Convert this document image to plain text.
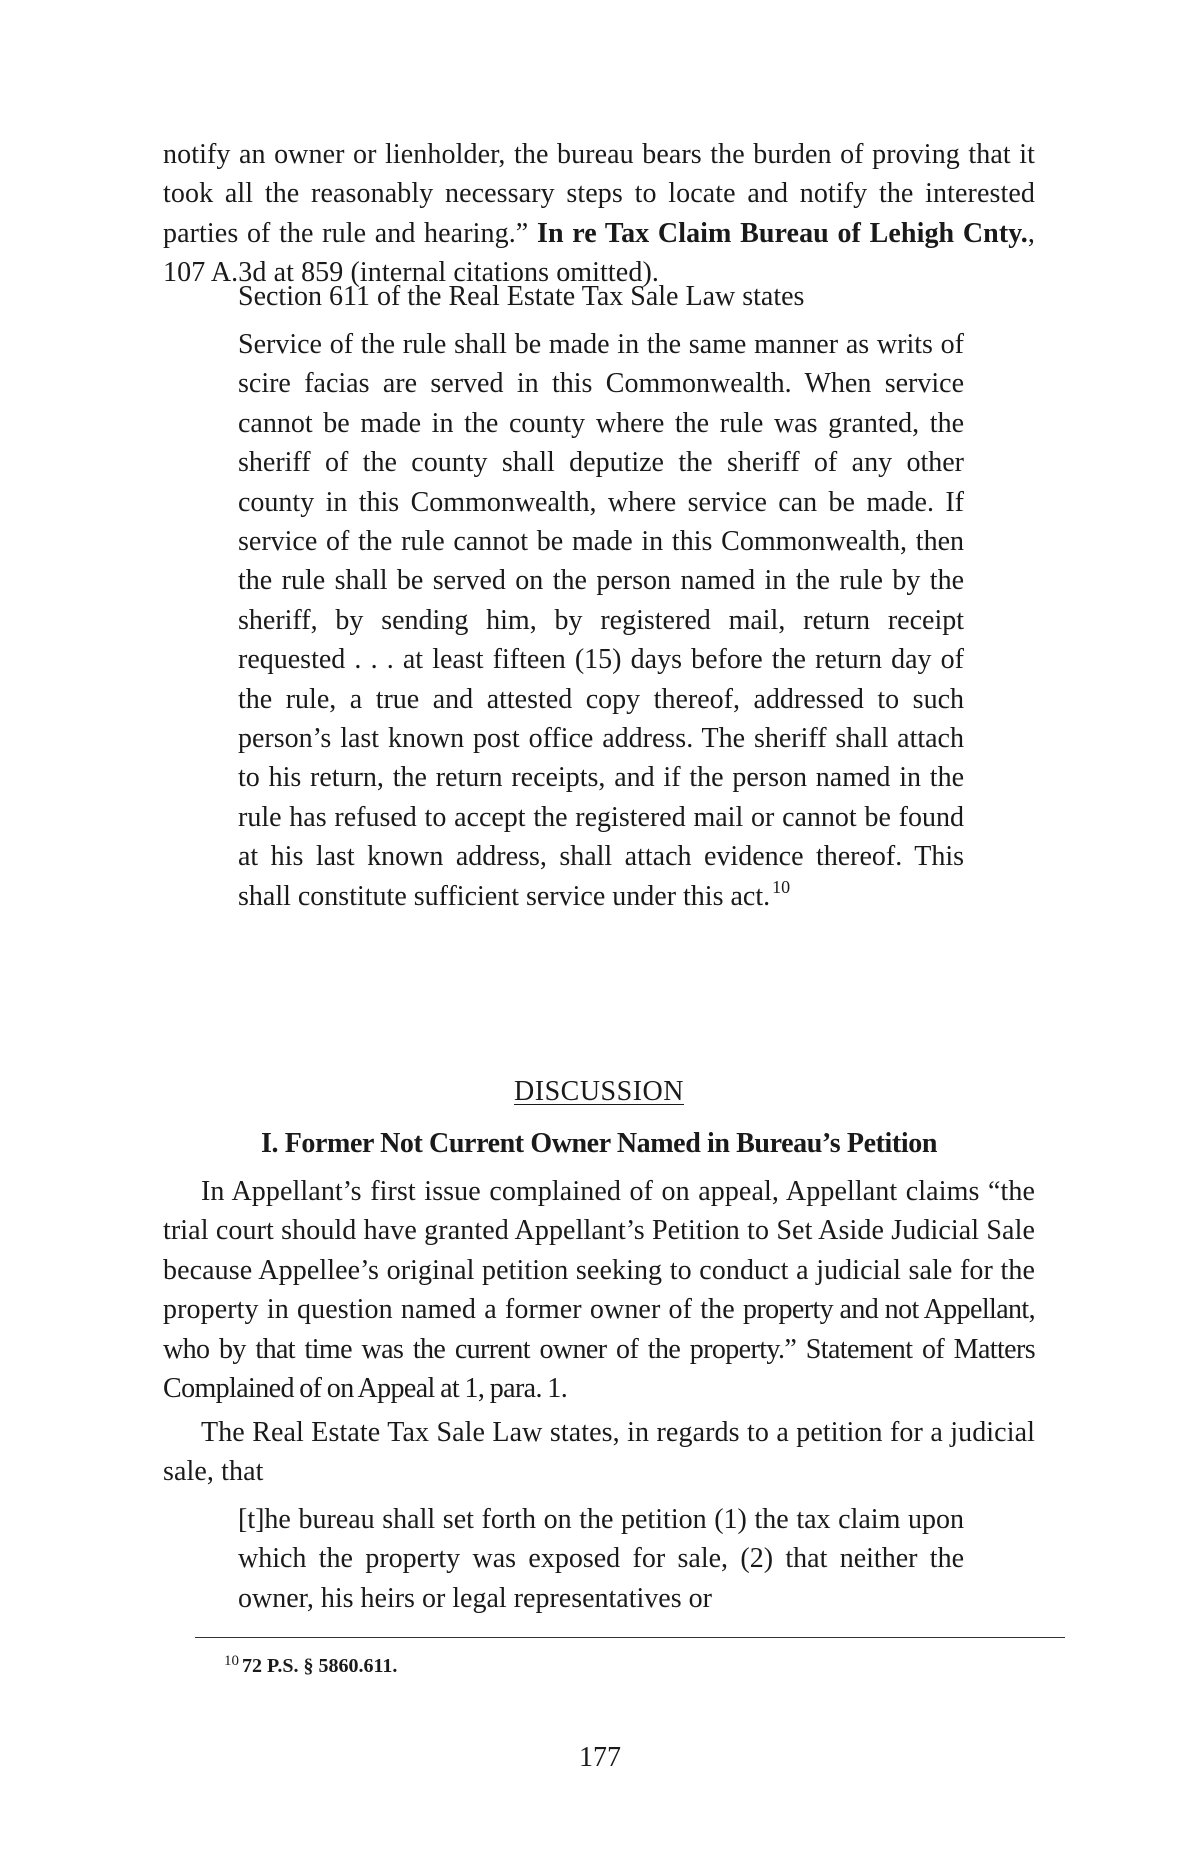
notify an owner or lienholder, the bureau bears the burden of proving that it took all the reasonably necessary steps to locate and notify the interested parties of the rule and hearing.” In re Tax Claim Bureau of Lehigh Cnty., 107 A.3d at 859 (internal citations omitted).

Section 611 of the Real Estate Tax Sale Law states

Service of the rule shall be made in the same manner as writs of scire facias are served in this Commonwealth. When service cannot be made in the county where the rule was granted, the sheriff of the county shall deputize the sheriff of any other county in this Commonwealth, where service can be made. If service of the rule cannot be made in this Commonwealth, then the rule shall be served on the person named in the rule by the sheriff, by sending him, by registered mail, return receipt requested . . . at least fifteen (15) days before the return day of the rule, a true and attested copy thereof, addressed to such person’s last known post office address. The sheriff shall attach to his return, the return receipts, and if the person named in the rule has refused to accept the registered mail or cannot be found at his last known address, shall attach evidence thereof. This shall constitute sufficient service under this act. $^{10}$

DISCUSSION

I. Former Not Current Owner Named in Bureau’s Petition

In Appellant’s first issue complained of on appeal, Appellant claims “the trial court should have granted Appellant’s Petition to Set Aside Judicial Sale because Appellee’s original petition seeking to conduct a judicial sale for the property in question named a former owner of the property and not Appellant, who by that time was the current owner of the property.” Statement of Matters Complained of on Appeal at 1, para. 1.

The Real Estate Tax Sale Law states, in regards to a petition for a judicial sale, that

[t]he bureau shall set forth on the petition (1) the tax claim upon which the property was exposed for sale, (2) that neither the owner, his heirs or legal representatives or

$^{10}$ 72 P.S. § 5860.611.

177
